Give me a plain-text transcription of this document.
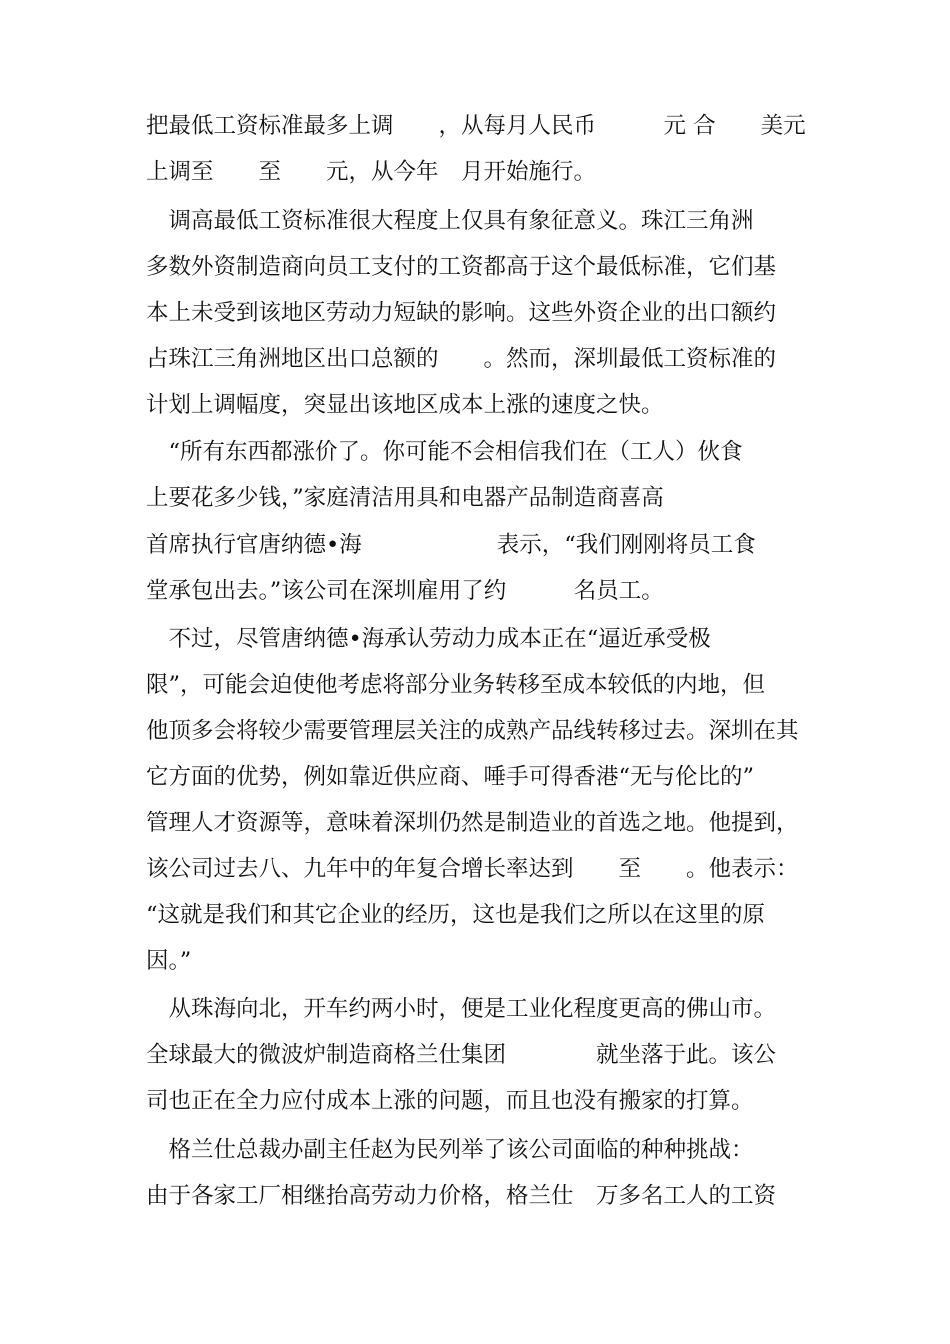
把最低工资标准最多上调　　，从每月人民币　　　元 合　　美元
上调至　　至　　元，从今年　月开始施行。
　调高最低工资标准很大程度上仅具有象征意义。珠江三角洲
多数外资制造商向员工支付的工资都高于这个最低标准，它们基
本上未受到该地区劳动力短缺的影响。这些外资企业的出口额约
占珠江三角洲地区出口总额的　　。然而，深圳最低工资标准的
计划上调幅度，突显出该地区成本上涨的速度之快。
　“所有东西都涨价了。你可能不会相信我们在（工人）伙食
上要花多少钱，”家庭清洁用具和电器产品制造商喜高
首席执行官唐纳德•海　　　　　　表示，“我们刚刚将员工食
堂承包出去。”该公司在深圳雇用了约　　　名员工。
　不过，尽管唐纳德•海承认劳动力成本正在“逼近承受极
限”，可能会迫使他考虑将部分业务转移至成本较低的内地，但
他顶多会将较少需要管理层关注的成熟产品线转移过去。深圳在其
它方面的优势，例如靠近供应商、唾手可得香港“无与伦比的”
管理人才资源等，意味着深圳仍然是制造业的首选之地。他提到，
该公司过去八、九年中的年复合增长率达到　　至　　。他表示：
“这就是我们和其它企业的经历，这也是我们之所以在这里的原
因。”
　从珠海向北，开车约两小时，便是工业化程度更高的佛山市。
全球最大的微波炉制造商格兰仕集团　　　　就坐落于此。该公
司也正在全力应付成本上涨的问题，而且也没有搬家的打算。
　格兰仕总裁办副主任赵为民列举了该公司面临的种种挑战：
由于各家工厂相继抬高劳动力价格，格兰仕　万多名工人的工资
